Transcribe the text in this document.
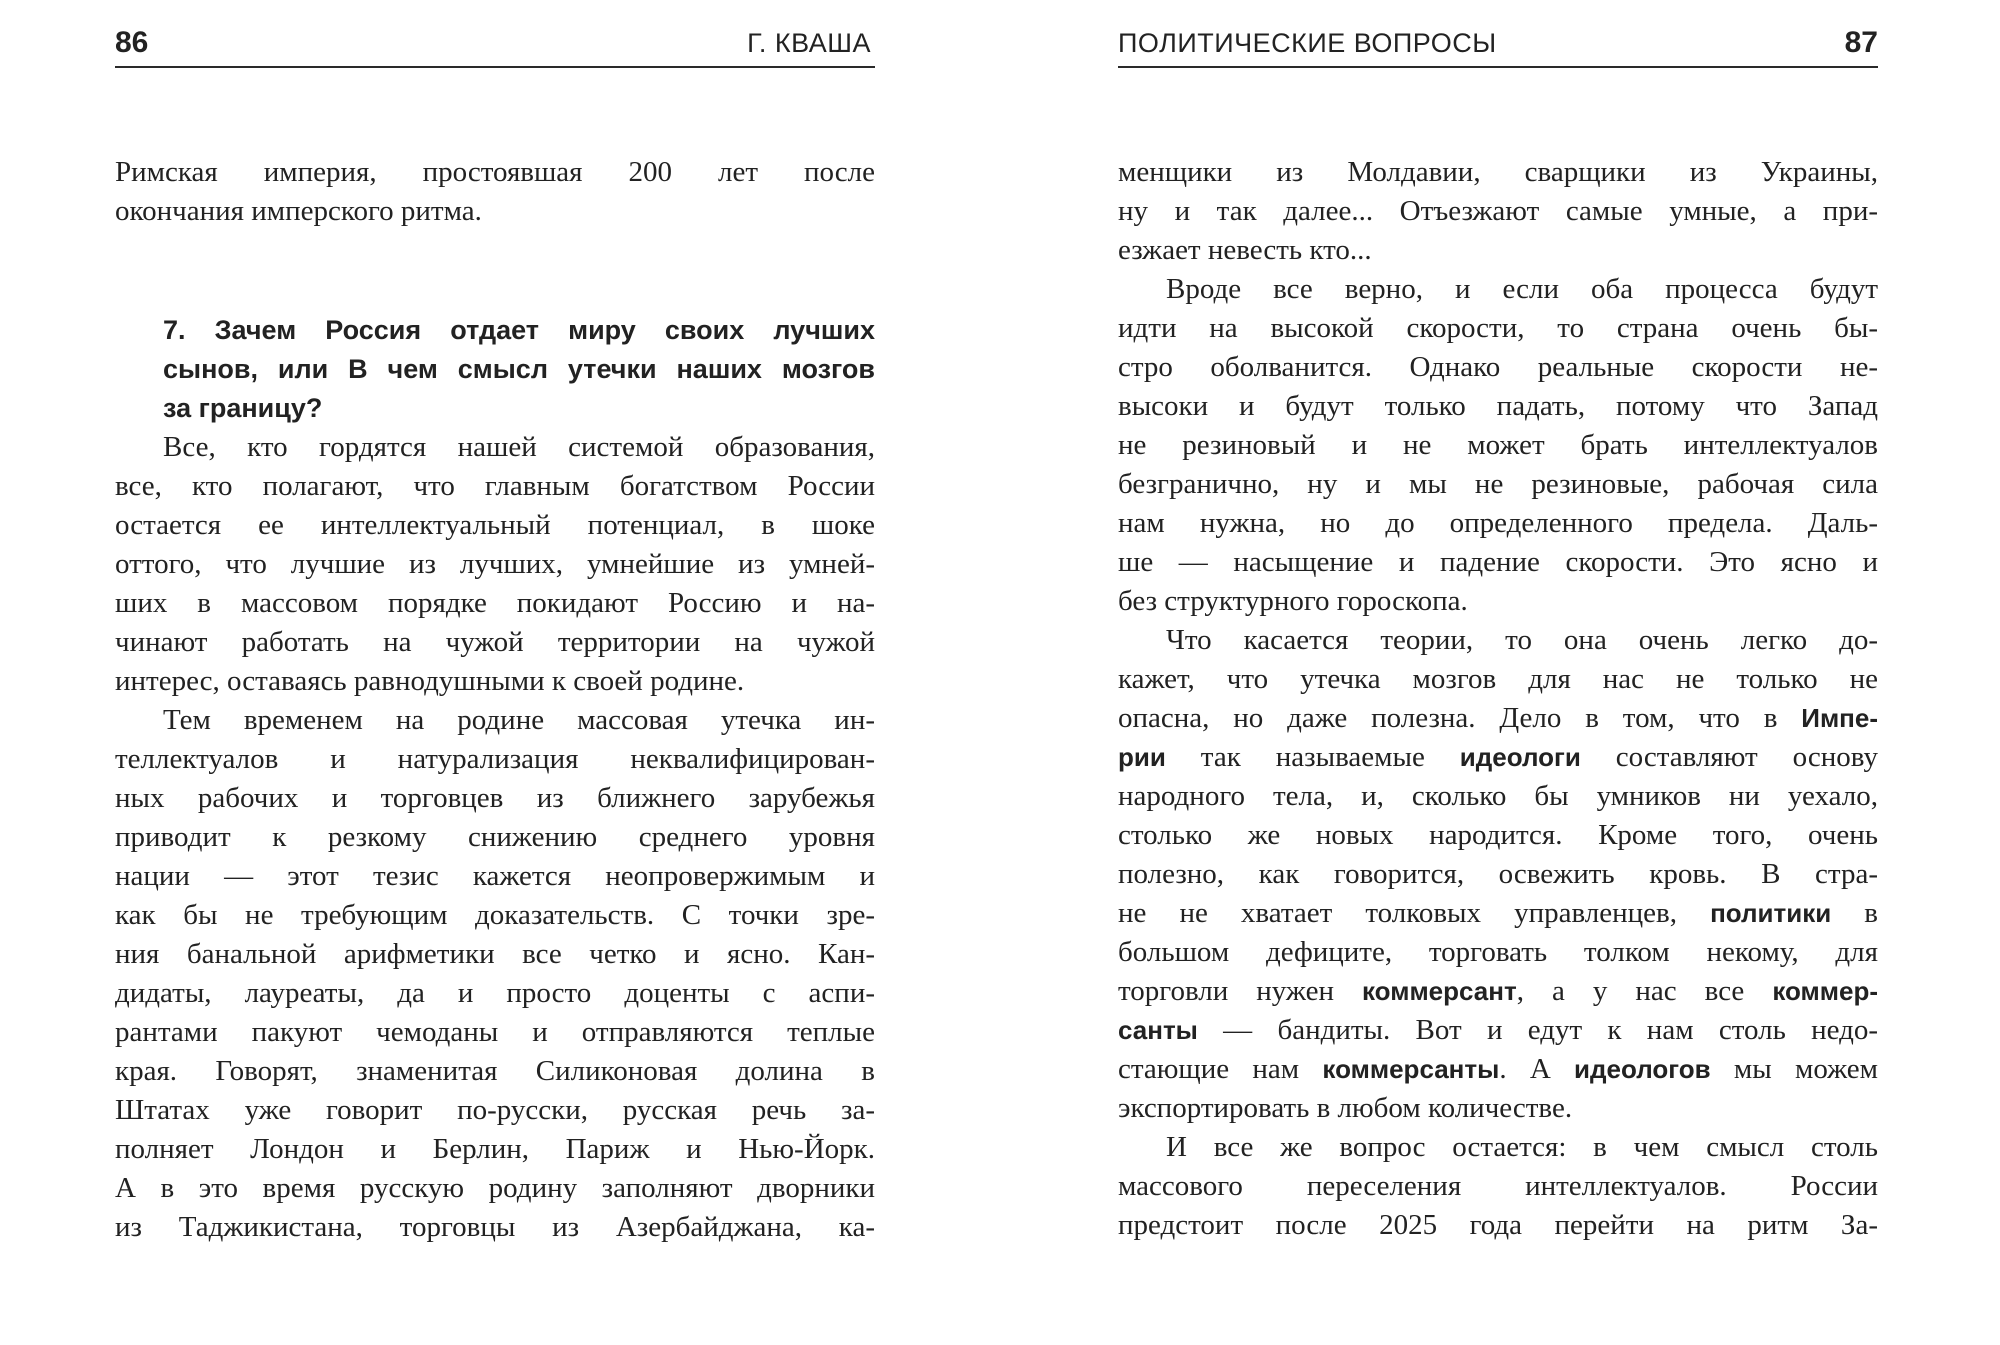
86	Г. КВАША
Римская империя, простоявшая 200 лет после
окончания имперского ритма.
7. Зачем Россия отдает миру своих лучших
сынов, или В чем смысл утечки наших мозгов
за границу?
Все, кто гордятся нашей системой образования,
все, кто полагают, что главным богатством России
остается ее интеллектуальный потенциал, в шоке
оттого, что лучшие из лучших, умнейшие из умней-
ших в массовом порядке покидают Россию и на-
чинают работать на чужой территории на чужой
интерес, оставаясь равнодушными к своей родине.
Тем временем на родине массовая утечка ин-
теллектуалов и натурализация неквалифицирован-
ных рабочих и торговцев из ближнего зарубежья
приводит к резкому снижению среднего уровня
нации — этот тезис кажется неопровержимым и
как бы не требующим доказательств. С точки зре-
ния банальной арифметики все четко и ясно. Кан-
дидаты, лауреаты, да и просто доценты с аспи-
рантами пакуют чемоданы и отправляются теплые
края. Говорят, знаменитая Силиконовая долина в
Штатах уже говорит по-русски, русская речь за-
полняет Лондон и Берлин, Париж и Нью-Йорк.
А в это время русскую родину заполняют дворники
из Таджикистана, торговцы из Азербайджана, ка-
ПОЛИТИЧЕСКИЕ ВОПРОСЫ	87
менщики из Молдавии, сварщики из Украины,
ну и так далее... Отъезжают самые умные, а при-
езжает невесть кто...
Вроде все верно, и если оба процесса будут
идти на высокой скорости, то страна очень бы-
стро оболванится. Однако реальные скорости не-
высоки и будут только падать, потому что Запад
не резиновый и не может брать интеллектуалов
безгранично, ну и мы не резиновые, рабочая сила
нам нужна, но до определенного предела. Даль-
ше — насыщение и падение скорости. Это ясно и
без структурного гороскопа.
Что касается теории, то она очень легко до-
кажет, что утечка мозгов для нас не только не
опасна, но даже полезна. Дело в том, что в Импе-
рии так называемые идеологи составляют основу
народного тела, и, сколько бы умников ни уехало,
столько же новых народится. Кроме того, очень
полезно, как говорится, освежить кровь. В стра-
не не хватает толковых управленцев, политики в
большом дефиците, торговать толком некому, для
торговли нужен коммерсант, а у нас все коммер-
санты — бандиты. Вот и едут к нам столь недо-
стающие нам коммерсанты. А идеологов мы можем
экспортировать в любом количестве.
И все же вопрос остается: в чем смысл столь
массового переселения интеллектуалов. России
предстоит после 2025 года перейти на ритм За-
